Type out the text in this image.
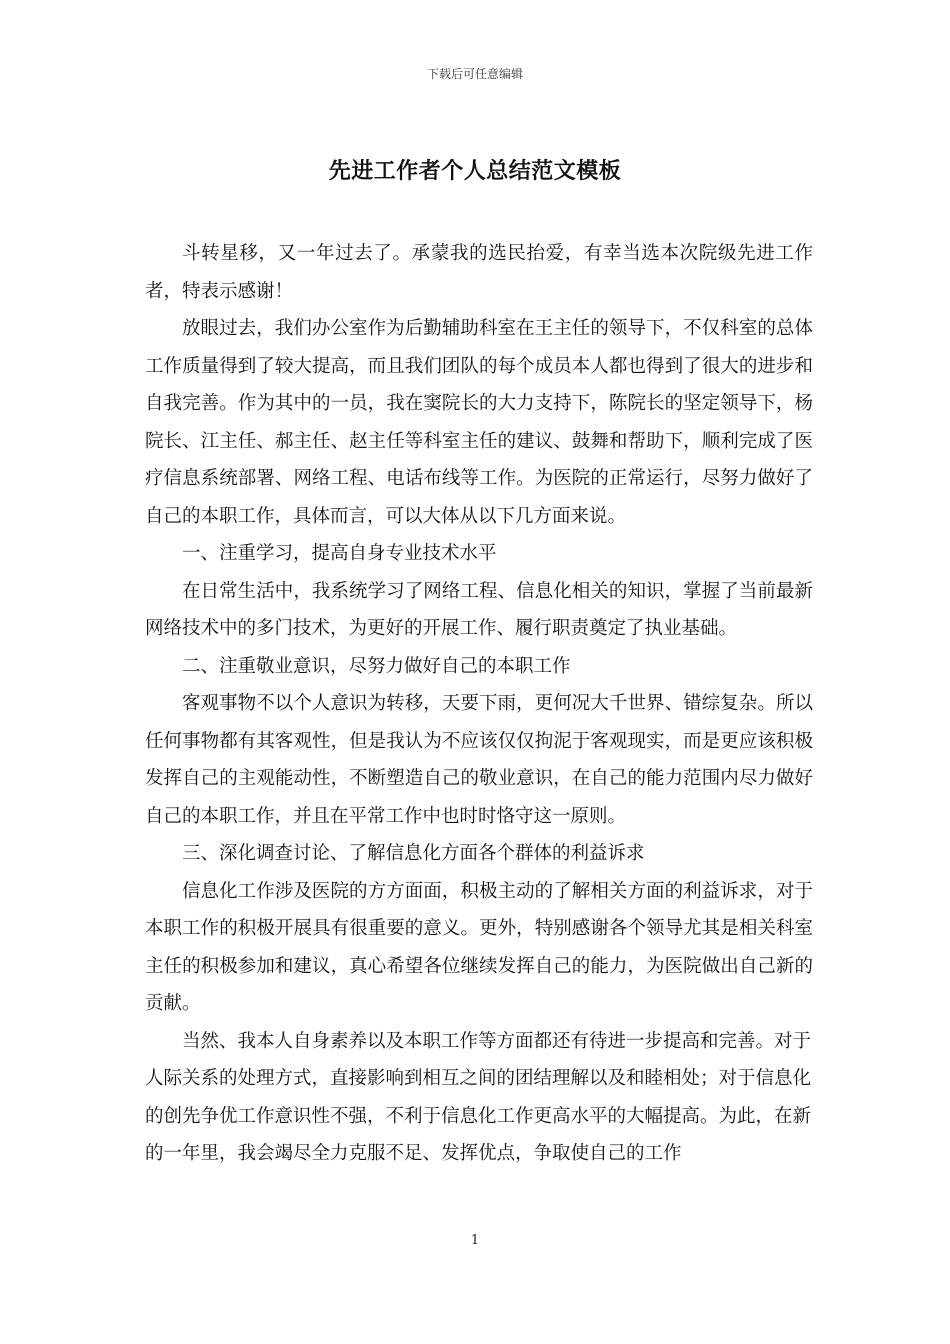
下载后可任意编辑
先进工作者个人总结范文模板

斗转星移，又一年过去了。承蒙我的选民抬爱，有幸当选本次院级先进工作者，特表示感谢！

放眼过去，我们办公室作为后勤辅助科室在王主任的领导下，不仅科室的总体工作质量得到了较大提高，而且我们团队的每个成员本人都也得到了很大的进步和自我完善。作为其中的一员，我在窦院长的大力支持下，陈院长的坚定领导下，杨院长、江主任、郝主任、赵主任等科室主任的建议、鼓舞和帮助下，顺利完成了医疗信息系统部署、网络工程、电话布线等工作。为医院的正常运行，尽努力做好了自己的本职工作，具体而言，可以大体从以下几方面来说。

一、注重学习，提高自身专业技术水平

在日常生活中，我系统学习了网络工程、信息化相关的知识，掌握了当前最新网络技术中的多门技术，为更好的开展工作、履行职责奠定了执业基础。

二、注重敬业意识，尽努力做好自己的本职工作

客观事物不以个人意识为转移，天要下雨，更何况大千世界、错综复杂。所以任何事物都有其客观性，但是我认为不应该仅仅拘泥于客观现实，而是更应该积极发挥自己的主观能动性，不断塑造自己的敬业意识，在自己的能力范围内尽力做好自己的本职工作，并且在平常工作中也时时恪守这一原则。

三、深化调查讨论、了解信息化方面各个群体的利益诉求

信息化工作涉及医院的方方面面，积极主动的了解相关方面的利益诉求，对于本职工作的积极开展具有很重要的意义。更外，特别感谢各个领导尤其是相关科室主任的积极参加和建议，真心希望各位继续发挥自己的能力，为医院做出自己新的贡献。

当然、我本人自身素养以及本职工作等方面都还有待进一步提高和完善。对于人际关系的处理方式，直接影响到相互之间的团结理解以及和睦相处；对于信息化的创先争优工作意识性不强，不利于信息化工作更高水平的大幅提高。为此，在新的一年里，我会竭尽全力克服不足、发挥优点，争取使自己的工作

1
